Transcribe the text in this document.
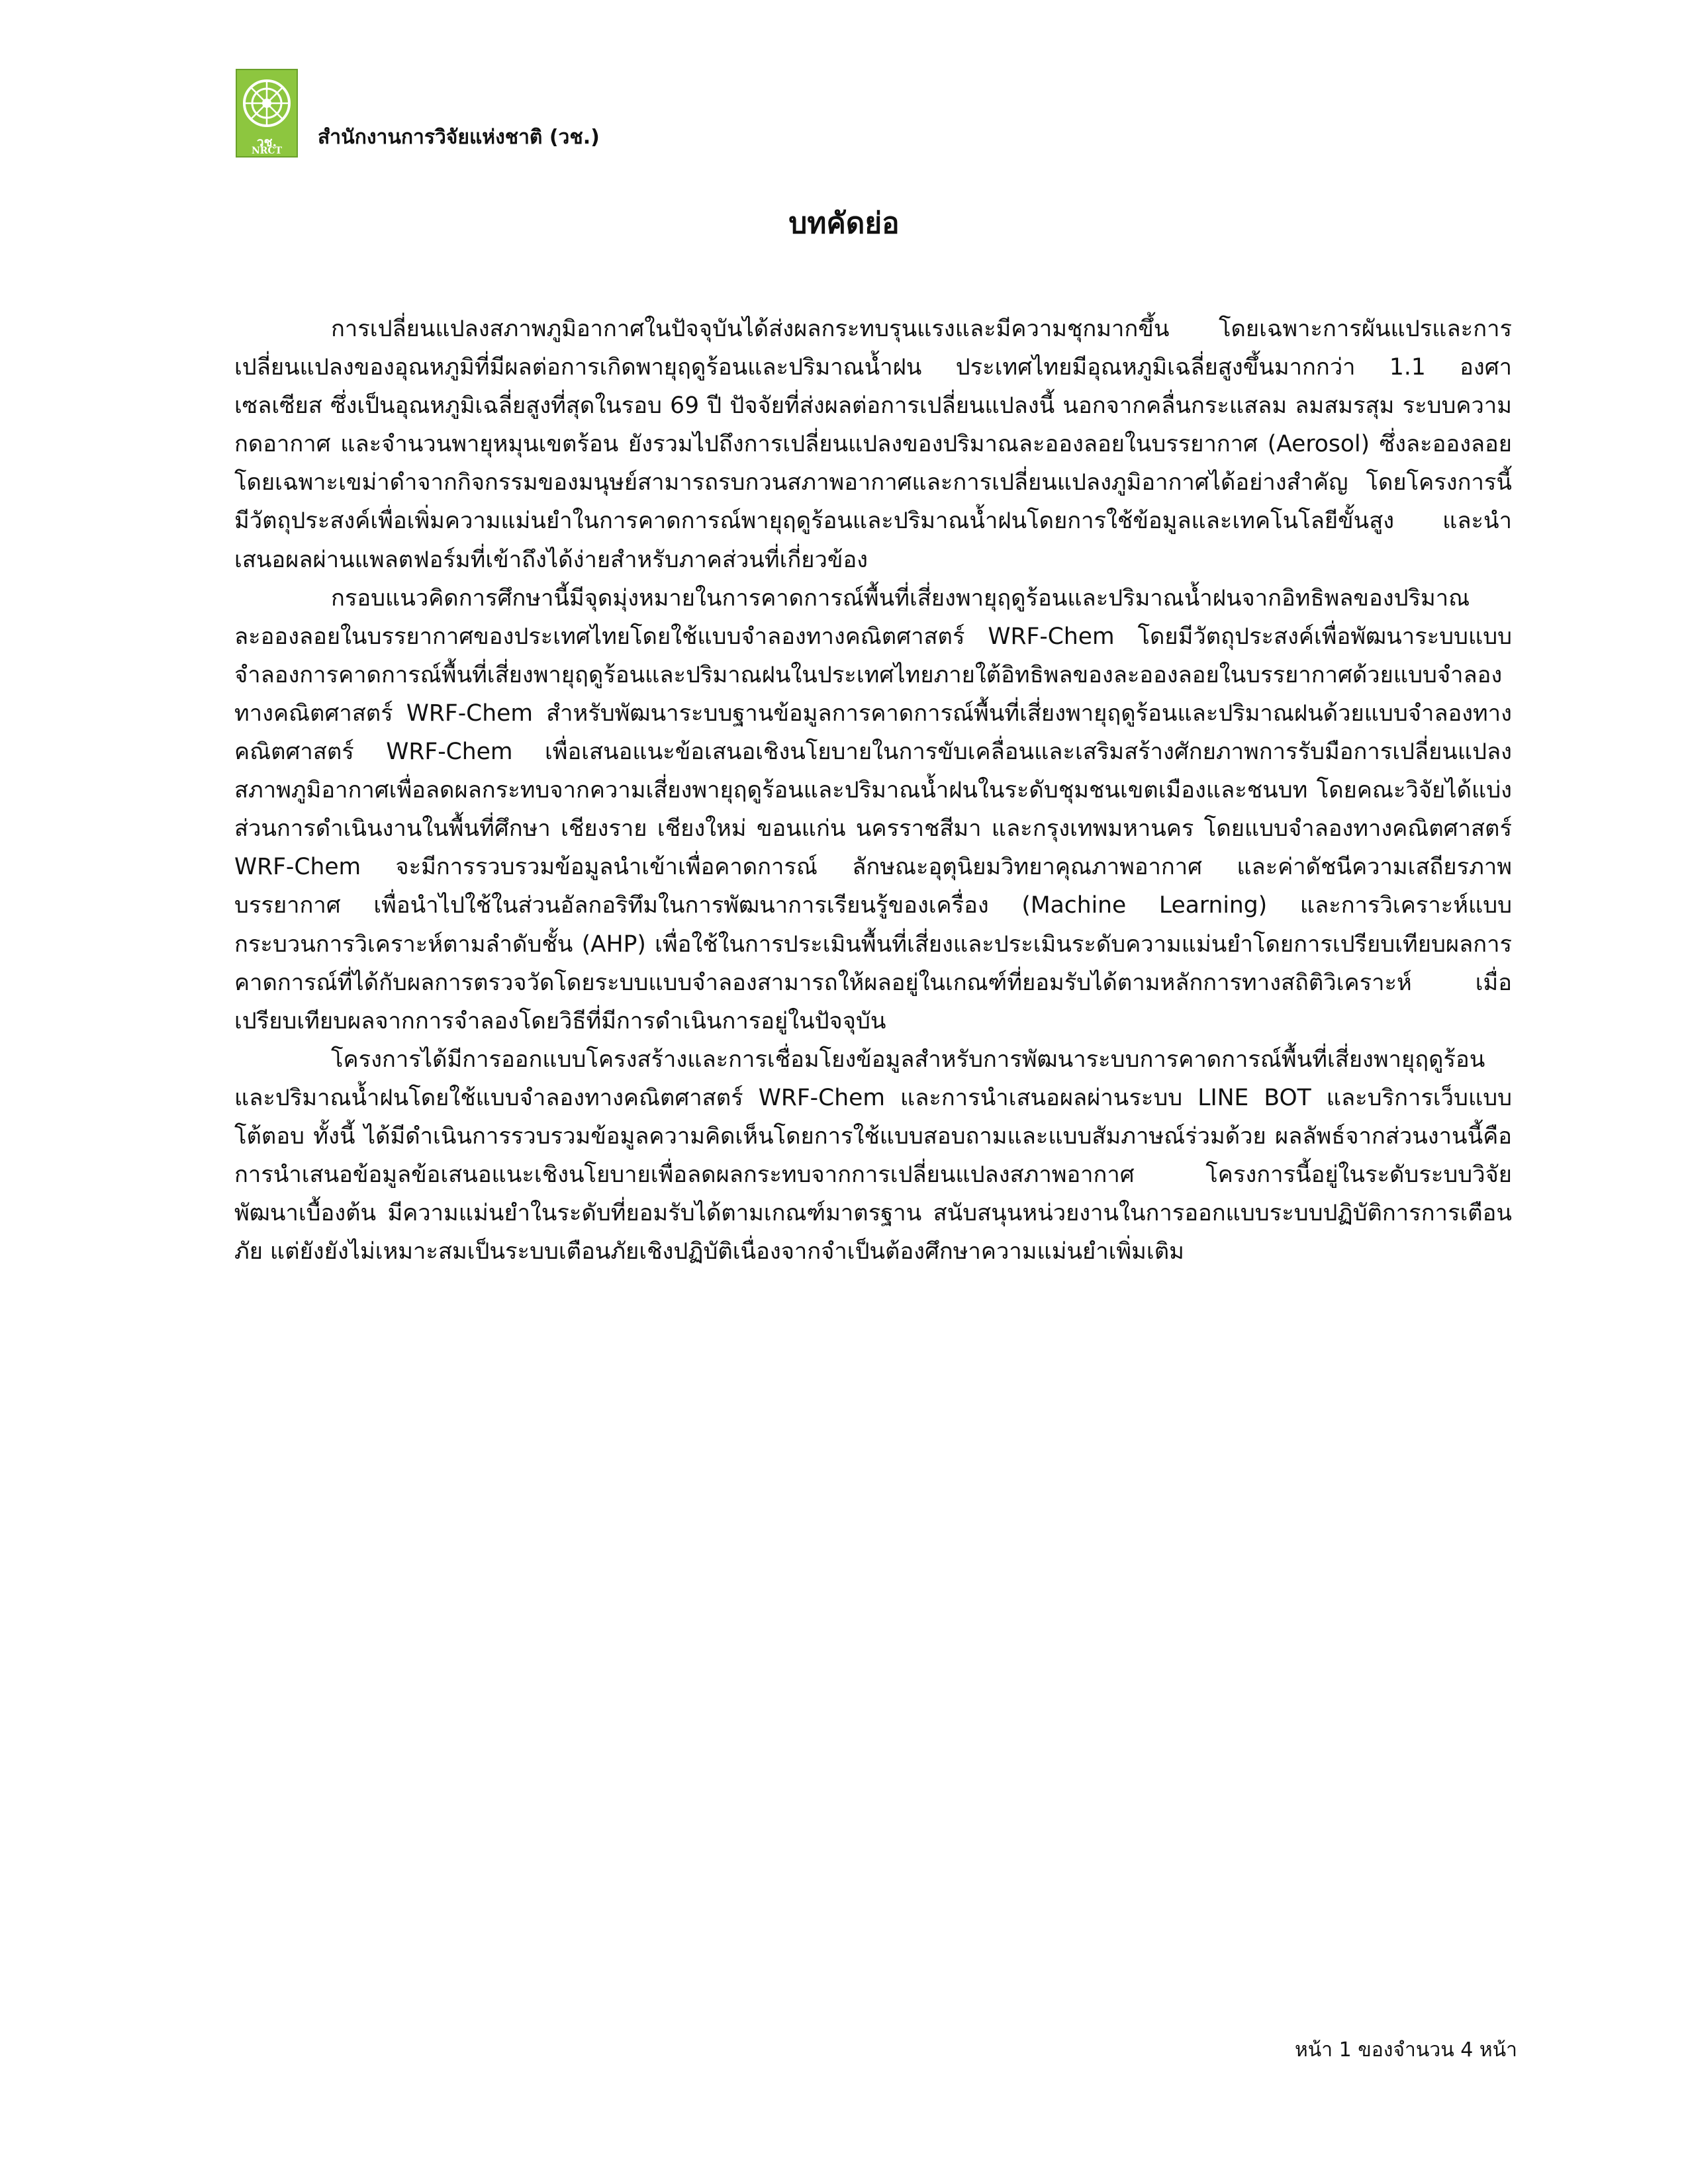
วช.
NRCT
สำนักงานการวิจัยแห่งชาติ (วช.)
บทคัดย่อ

การเปลี่ยนแปลงสภาพภูมิอากาศในปัจจุบันได้ส่งผลกระทบรุนแรงและมีความชุกมากขึ้น โดยเฉพาะการผันแปรและการเปลี่ยนแปลงของอุณหภูมิที่มีผลต่อการเกิดพายุฤดูร้อนและปริมาณน้ำฝน ประเทศไทยมีอุณหภูมิเฉลี่ยสูงขึ้นมากกว่า 1.1 องศาเซลเซียส ซึ่งเป็นอุณหภูมิเฉลี่ยสูงที่สุดในรอบ 69 ปี ปัจจัยที่ส่งผลต่อการเปลี่ยนแปลงนี้ นอกจากคลื่นกระแสลม ลมสมรสุม ระบบความกดอากาศ และจำนวนพายุหมุนเขตร้อน ยังรวมไปถึงการเปลี่ยนแปลงของปริมาณละอองลอยในบรรยากาศ (Aerosol) ซึ่งละอองลอยโดยเฉพาะเขม่าดำจากกิจกรรมของมนุษย์สามารถรบกวนสภาพอากาศและการเปลี่ยนแปลงภูมิอากาศได้อย่างสำคัญ โดยโครงการนี้มีวัตถุประสงค์เพื่อเพิ่มความแม่นยำในการคาดการณ์พายุฤดูร้อนและปริมาณน้ำฝนโดยการใช้ข้อมูลและเทคโนโลยีขั้นสูง และนำเสนอผลผ่านแพลตฟอร์มที่เข้าถึงได้ง่ายสำหรับภาคส่วนที่เกี่ยวข้อง

กรอบแนวคิดการศึกษานี้มีจุดมุ่งหมายในการคาดการณ์พื้นที่เสี่ยงพายุฤดูร้อนและปริมาณน้ำฝนจากอิทธิพลของปริมาณละอองลอยในบรรยากาศของประเทศไทยโดยใช้แบบจำลองทางคณิตศาสตร์ WRF-Chem โดยมีวัตถุประสงค์เพื่อพัฒนาระบบแบบจำลองการคาดการณ์พื้นที่เสี่ยงพายุฤดูร้อนและปริมาณฝนในประเทศไทยภายใต้อิทธิพลของละอองลอยในบรรยากาศด้วยแบบจำลองทางคณิตศาสตร์ WRF-Chem สำหรับพัฒนาระบบฐานข้อมูลการคาดการณ์พื้นที่เสี่ยงพายุฤดูร้อนและปริมาณฝนด้วยแบบจำลองทางคณิตศาสตร์ WRF-Chem เพื่อเสนอแนะข้อเสนอเชิงนโยบายในการขับเคลื่อนและเสริมสร้างศักยภาพการรับมือการเปลี่ยนแปลงสภาพภูมิอากาศเพื่อลดผลกระทบจากความเสี่ยงพายุฤดูร้อนและปริมาณน้ำฝนในระดับชุมชนเขตเมืองและชนบท โดยคณะวิจัยได้แบ่งส่วนการดำเนินงานในพื้นที่ศึกษา เชียงราย เชียงใหม่ ขอนแก่น นครราชสีมา และกรุงเทพมหานคร โดยแบบจำลองทางคณิตศาสตร์ WRF-Chem จะมีการรวบรวมข้อมูลนำเข้าเพื่อคาดการณ์ ลักษณะอุตุนิยมวิทยาคุณภาพอากาศ และค่าดัชนีความเสถียรภาพบรรยากาศ เพื่อนำไปใช้ในส่วนอัลกอริทึมในการพัฒนาการเรียนรู้ของเครื่อง (Machine Learning) และการวิเคราะห์แบบกระบวนการวิเคราะห์ตามลำดับชั้น (AHP) เพื่อใช้ในการประเมินพื้นที่เสี่ยงและประเมินระดับความแม่นยำโดยการเปรียบเทียบผลการคาดการณ์ที่ได้กับผลการตรวจวัดโดยระบบแบบจำลองสามารถให้ผลอยู่ในเกณฑ์ที่ยอมรับได้ตามหลักการทางสถิติวิเคราะห์ เมื่อเปรียบเทียบผลจากการจำลองโดยวิธีที่มีการดำเนินการอยู่ในปัจจุบัน

โครงการได้มีการออกแบบโครงสร้างและการเชื่อมโยงข้อมูลสำหรับการพัฒนาระบบการคาดการณ์พื้นที่เสี่ยงพายุฤดูร้อนและปริมาณน้ำฝนโดยใช้แบบจำลองทางคณิตศาสตร์ WRF-Chem และการนำเสนอผลผ่านระบบ LINE BOT และบริการเว็บแบบโต้ตอบ ทั้งนี้ ได้มีดำเนินการรวบรวมข้อมูลความคิดเห็นโดยการใช้แบบสอบถามและแบบสัมภาษณ์ร่วมด้วย ผลลัพธ์จากส่วนงานนี้คือการนำเสนอข้อมูลข้อเสนอแนะเชิงนโยบายเพื่อลดผลกระทบจากการเปลี่ยนแปลงสภาพอากาศ โครงการนี้อยู่ในระดับระบบวิจัยพัฒนาเบื้องต้น มีความแม่นยำในระดับที่ยอมรับได้ตามเกณฑ์มาตรฐาน สนับสนุนหน่วยงานในการออกแบบระบบปฏิบัติการการเตือนภัย แต่ยังยังไม่เหมาะสมเป็นระบบเตือนภัยเชิงปฏิบัติเนื่องจากจำเป็นต้องศึกษาความแม่นยำเพิ่มเติม

หน้า 1 ของจำนวน 4 หน้า
